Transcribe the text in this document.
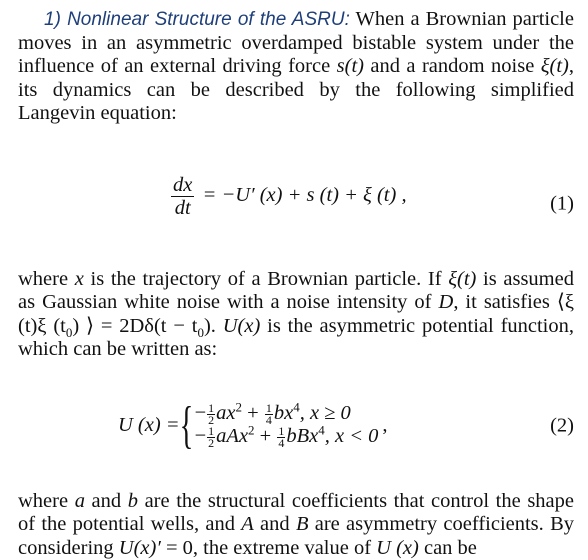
1) Nonlinear Structure of the ASRU: When a Brownian particle moves in an asymmetric overdamped bistable system under the influence of an external driving force s(t) and a random noise ξ(t), its dynamics can be described by the following simplified Langevin equation:

$\frac{dx}{dt} = -U'$ (x) + s (t) + ξ (t) ,	(1)

where x is the trajectory of a Brownian particle. If ξ(t) is assumed as Gaussian white noise with a noise intensity of D, it satisfies ⟨ξ (t)ξ $(t_0)$ ⟩ = $2D\delta(t - t_0)$. U(x) is the asymmetric potential function, which can be written as:

U (x) = { − $\frac{1}{2} ax^2 + \frac{1}{4} bx^4$, x ≥ 0
− $\frac{1}{2} aAx^2 + \frac{1}{4} bBx^4$, x < 0 ,	(2)

where a and b are the structural coefficients that control the shape of the potential wells, and A and B are asymmetry coefficients. By considering U(x)′ = 0, the extreme value of U (x) can be
